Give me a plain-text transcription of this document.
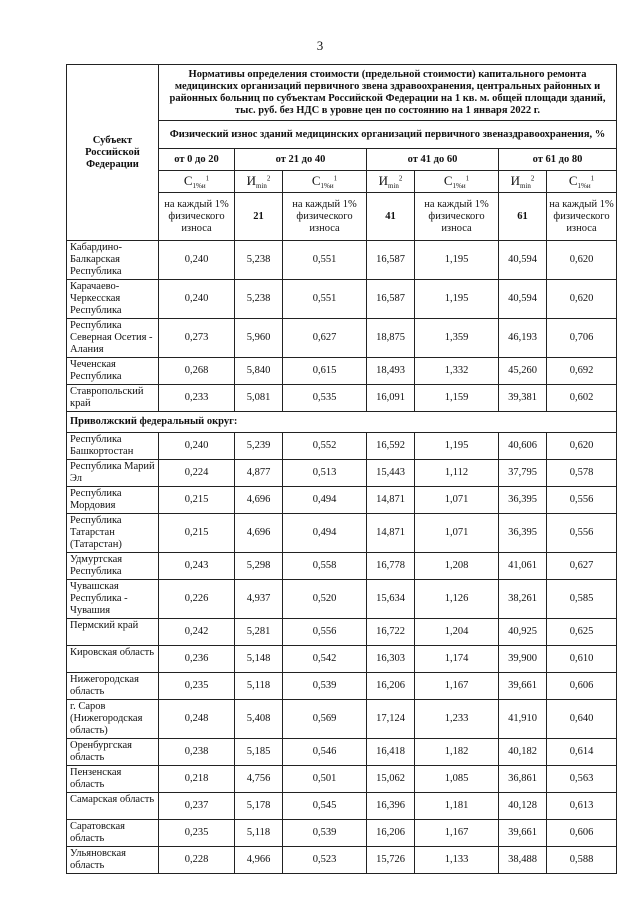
3
Субъект Российской Федерации	Нормативы определения стоимости (предельной стоимости) капитального ремонта медицинских организаций первичного звена здравоохранения, центральных районных и районных больниц по субъектам Российской Федерации на 1 кв. м. общей площади зданий, тыс. руб. без НДС в уровне цен по состоянию на 1 января 2022 г.						
	Физический износ зданий медицинских организаций первичного звеназдравоохранения, %						
	от 0 до 20	от 21 до 40		от 41 до 60		от 61 до 80	
	$С_{1\%и}^1$	$И_{min}^2$	$С_{1\%и}^1$	$И_{min}^2$	$С_{1\%и}^1$	$И_{min}^2$	$С_{1\%и}^1$
	на каждый 1% физического износа	21	на каждый 1% физического износа	41	на каждый 1% физического износа	61	на каждый 1% физического износа
Кабардино-Балкарская Республика	0,240	5,238	0,551	16,587	1,195	40,594	0,620
Карачаево-Черкесская Республика	0,240	5,238	0,551	16,587	1,195	40,594	0,620
Республика Северная Осетия - Алания	0,273	5,960	0,627	18,875	1,359	46,193	0,706
Чеченская Республика	0,268	5,840	0,615	18,493	1,332	45,260	0,692
Ставропольский край	0,233	5,081	0,535	16,091	1,159	39,381	0,602
Приволжский федеральный округ:							
Республика Башкортостан	0,240	5,239	0,552	16,592	1,195	40,606	0,620
Республика Марий Эл	0,224	4,877	0,513	15,443	1,112	37,795	0,578
Республика Мордовия	0,215	4,696	0,494	14,871	1,071	36,395	0,556
Республика Татарстан (Татарстан)	0,215	4,696	0,494	14,871	1,071	36,395	0,556
Удмуртская Республика	0,243	5,298	0,558	16,778	1,208	41,061	0,627
Чувашская Республика - Чувашия	0,226	4,937	0,520	15,634	1,126	38,261	0,585
Пермский край	0,242	5,281	0,556	16,722	1,204	40,925	0,625
Кировская область	0,236	5,148	0,542	16,303	1,174	39,900	0,610
Нижегородская область	0,235	5,118	0,539	16,206	1,167	39,661	0,606
г. Саров (Нижегородская область)	0,248	5,408	0,569	17,124	1,233	41,910	0,640
Оренбургская область	0,238	5,185	0,546	16,418	1,182	40,182	0,614
Пензенская область	0,218	4,756	0,501	15,062	1,085	36,861	0,563
Самарская область	0,237	5,178	0,545	16,396	1,181	40,128	0,613
Саратовская область	0,235	5,118	0,539	16,206	1,167	39,661	0,606
Ульяновская область	0,228	4,966	0,523	15,726	1,133	38,488	0,588
